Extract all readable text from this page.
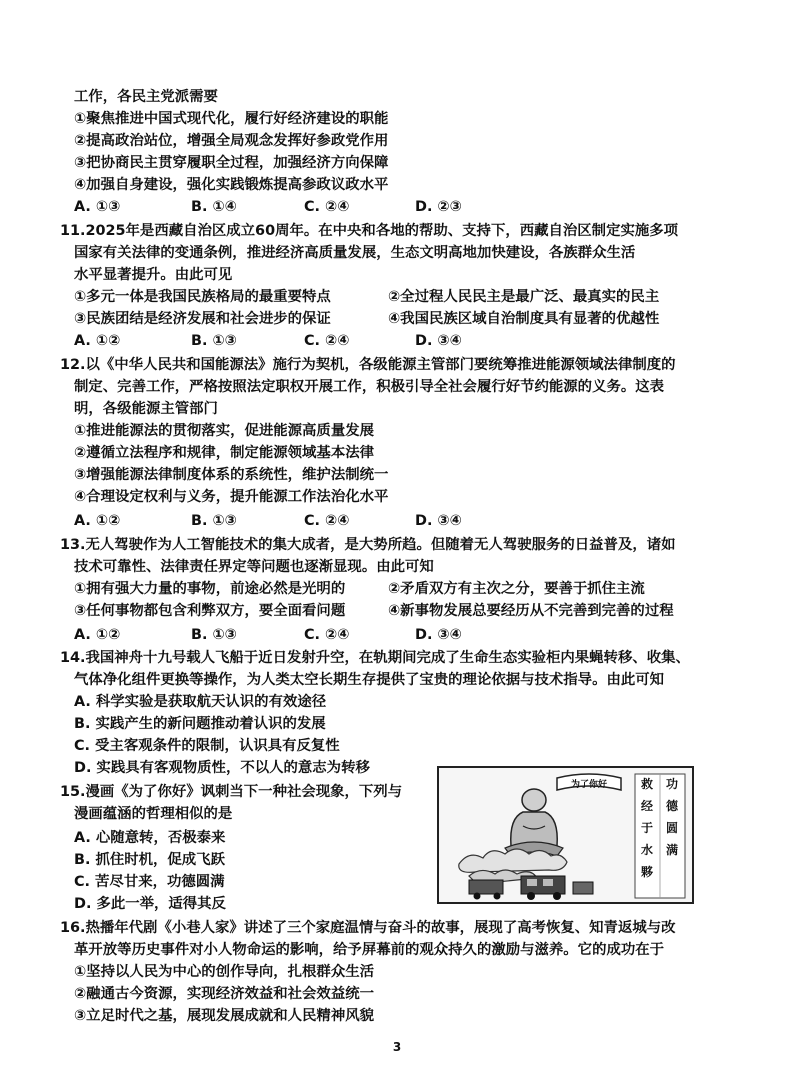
工作，各民主党派需要
①聚焦推进中国式现代化，履行好经济建设的职能
②提高政治站位，增强全局观念发挥好参政党作用
③把协商民主贯穿履职全过程，加强经济方向保障
④加强自身建设，强化实践锻炼提高参政议政水平
A. ①③	B. ①④	C. ②④	D. ②③
11.2025年是西藏自治区成立60周年。在中央和各地的帮助、支持下，西藏自治区制定实施多项
国家有关法律的变通条例，推进经济高质量发展，生态文明高地加快建设，各族群众生活
水平显著提升。由此可见
①多元一体是我国民族格局的最重要特点	②全过程人民民主是最广泛、最真实的民主
③民族团结是经济发展和社会进步的保证	④我国民族区域自治制度具有显著的优越性
A. ①②	B. ①③	C. ②④	D. ③④
12.以《中华人民共和国能源法》施行为契机，各级能源主管部门要统筹推进能源领域法律制度的
制定、完善工作，严格按照法定职权开展工作，积极引导全社会履行好节约能源的义务。这表
明，各级能源主管部门
①推进能源法的贯彻落实，促进能源高质量发展
②遵循立法程序和规律，制定能源领域基本法律
③增强能源法律制度体系的系统性，维护法制统一
④合理设定权利与义务，提升能源工作法治化水平
A. ①②	B. ①③	C. ②④	D. ③④
13.无人驾驶作为人工智能技术的集大成者，是大势所趋。但随着无人驾驶服务的日益普及，诸如
技术可靠性、法律责任界定等问题也逐渐显现。由此可知
①拥有强大力量的事物，前途必然是光明的	②矛盾双方有主次之分，要善于抓住主流
③任何事物都包含利弊双方，要全面看问题	④新事物发展总要经历从不完善到完善的过程
A. ①②	B. ①③	C. ②④	D. ③④
14.我国神舟十九号载人飞船于近日发射升空，在轨期间完成了生命生态实验柜内果蝇转移、收集、
气体净化组件更换等操作，为人类太空长期生存提供了宝贵的理论依据与技术指导。由此可知
A. 科学实验是获取航天认识的有效途径
B. 实践产生的新问题推动着认识的发展
C. 受主客观条件的限制，认识具有反复性
D. 实践具有客观物质性，不以人的意志为转移
15.漫画《为了你好》讽刺当下一种社会现象，下列与
漫画蕴涵的哲理相似的是
A. 心随意转，否极泰来
B. 抓住时机，促成飞跃
C. 苦尽甘来，功德圆满
D. 多此一举，适得其反
为了你好	救经于水夥
功德圆满
16.热播年代剧《小巷人家》讲述了三个家庭温情与奋斗的故事，展现了高考恢复、知青返城与改
革开放等历史事件对小人物命运的影响，给予屏幕前的观众持久的激励与滋养。它的成功在于
①坚持以人民为中心的创作导向，扎根群众生活
②融通古今资源，实现经济效益和社会效益统一
③立足时代之基，展现发展成就和人民精神风貌
3
